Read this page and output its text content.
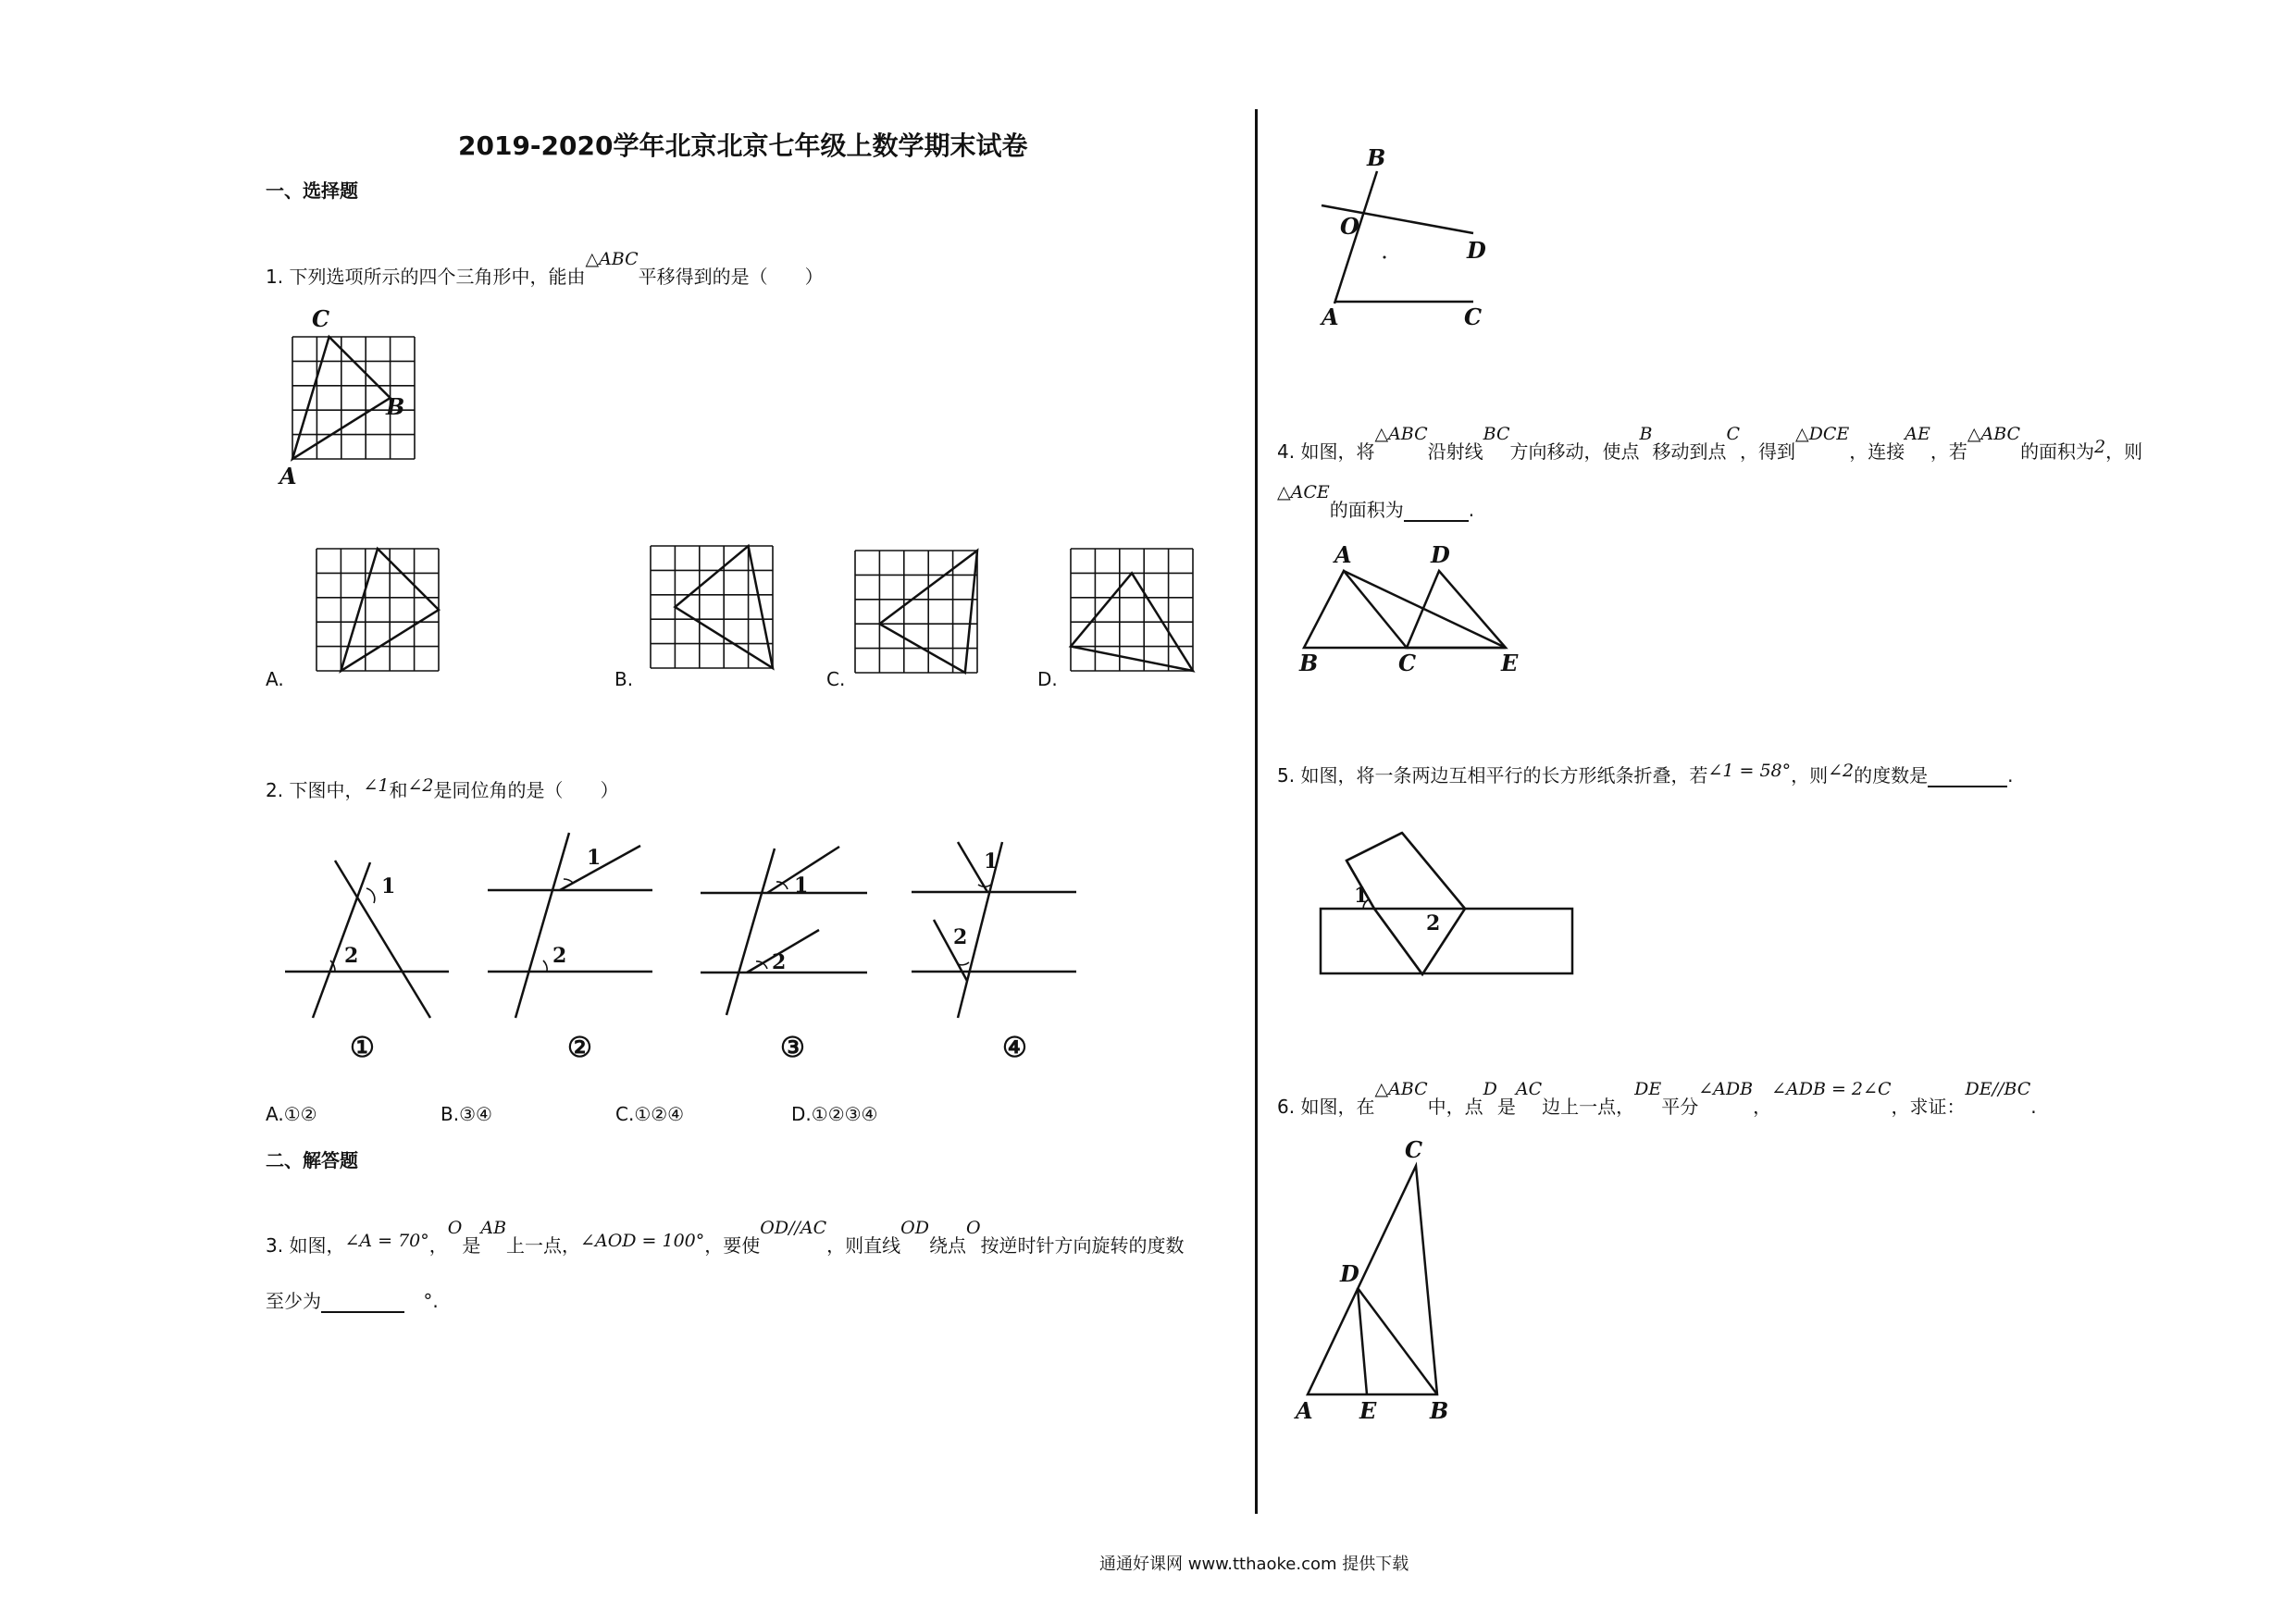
2019-2020学年北京北京七年级上数学期末试卷
一、选择题
1. 下列选项所示的四个三角形中，能由△ABC平移得到的是（　　）
C
B
A
A.	B.	C.	D.
2. 下图中，∠1和∠2是同位角的是（　　）
1
2
①
1
2
②
1
2
③
1
2
④
A.①②	B.③④	C.①②④	D.①②③④
二、解答题
3. 如图，∠A = 70°，O是AB上一点，∠AOD = 100°，要使OD//AC，则直线OD绕点O按逆时针方向旋转的度数
至少为	°.
B
O
D
A	C
4. 如图，将△ABC沿射线BC方向移动，使点B移动到点C，得到△DCE，连接AE，若△ABC的面积为2，则
△ACE的面积为	.
A	D
B	C	E
5. 如图，将一条两边互相平行的长方形纸条折叠，若∠1 = 58°，则∠2的度数是	.
1
2
6. 如图，在△ABC中，点D是AC边上一点，DE平分∠ADB，∠ADB = 2∠C，求证：DE//BC.
C
D
A E B
通通好课网 www.tthaoke.com 提供下载
